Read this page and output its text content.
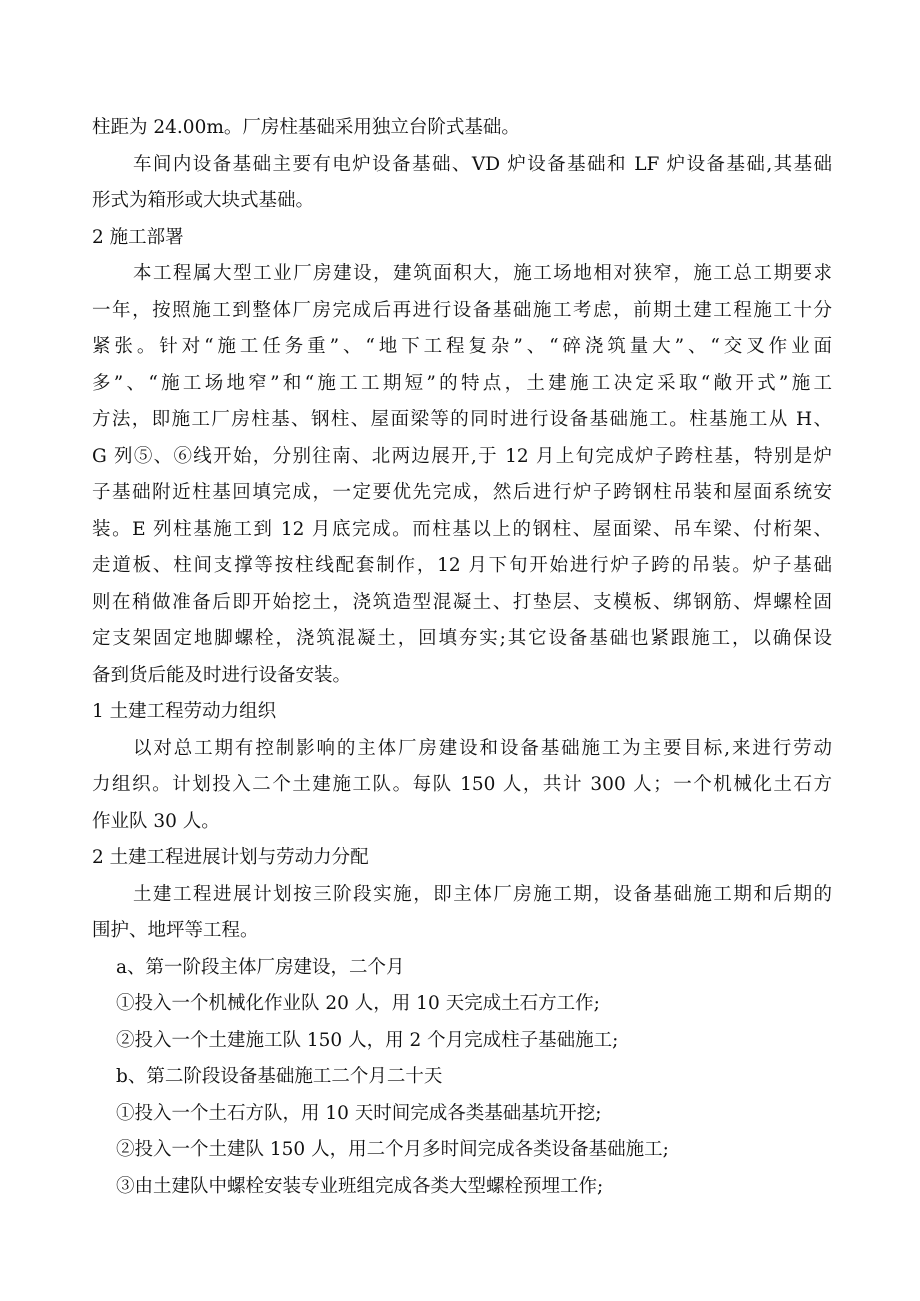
柱距为 24.00m。厂房柱基础采用独立台阶式基础。
车间内设备基础主要有电炉设备基础、VD 炉设备基础和 LF 炉设备基础,其基础
形式为箱形或大块式基础。
2 施工部署
本工程属大型工业厂房建设，建筑面积大，施工场地相对狭窄，施工总工期要求
一年，按照施工到整体厂房完成后再进行设备基础施工考虑，前期土建工程施工十分
紧张。针对“施工任务重”、“地下工程复杂”、“碎浇筑量大”、“交叉作业面
多”、“施工场地窄”和“施工工期短”的特点，土建施工决定采取“敞开式”施工
方法，即施工厂房柱基、钢柱、屋面梁等的同时进行设备基础施工。柱基施工从 H、
G 列⑤、⑥线开始，分别往南、北两边展开,于 12 月上旬完成炉子跨柱基，特别是炉
子基础附近柱基回填完成，一定要优先完成，然后进行炉子跨钢柱吊装和屋面系统安
装。E 列柱基施工到 12 月底完成。而柱基以上的钢柱、屋面梁、吊车梁、付桁架、
走道板、柱间支撑等按柱线配套制作，12 月下旬开始进行炉子跨的吊装。炉子基础
则在稍做准备后即开始挖土，浇筑造型混凝土、打垫层、支模板、绑钢筋、焊螺栓固
定支架固定地脚螺栓，浇筑混凝土，回填夯实;其它设备基础也紧跟施工，以确保设
备到货后能及时进行设备安装。
1 土建工程劳动力组织
以对总工期有控制影响的主体厂房建设和设备基础施工为主要目标,来进行劳动
力组织。计划投入二个土建施工队。每队 150 人，共计 300 人；一个机械化土石方
作业队 30 人。
2 土建工程进展计划与劳动力分配
土建工程进展计划按三阶段实施，即主体厂房施工期，设备基础施工期和后期的
围护、地坪等工程。
a、第一阶段主体厂房建设，二个月
①投入一个机械化作业队 20 人，用 10 天完成土石方工作;
②投入一个土建施工队 150 人，用 2 个月完成柱子基础施工;
b、第二阶段设备基础施工二个月二十天
①投入一个土石方队，用 10 天时间完成各类基础基坑开挖;
②投入一个土建队 150 人，用二个月多时间完成各类设备基础施工;
③由土建队中螺栓安装专业班组完成各类大型螺栓预埋工作;
